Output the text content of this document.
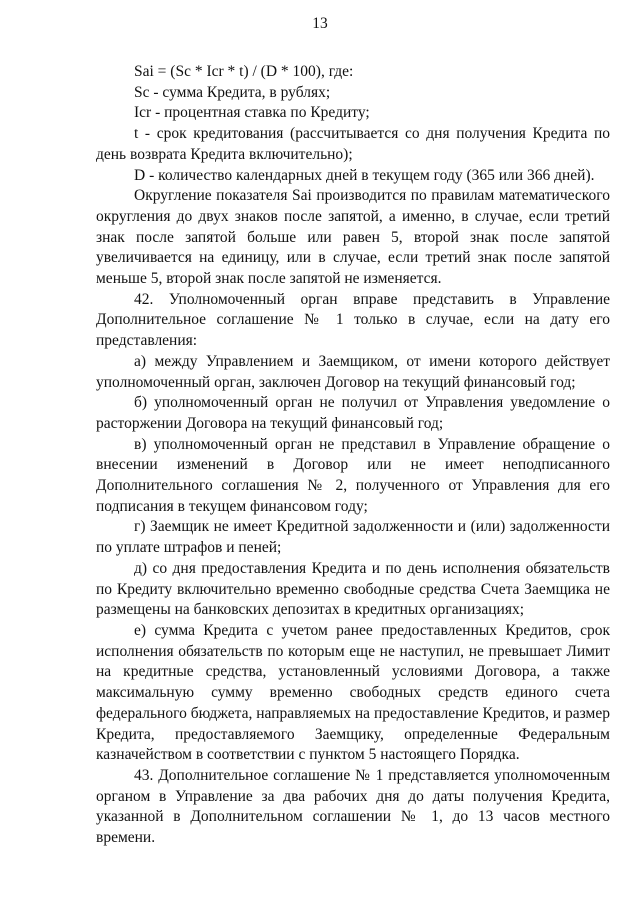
13

Sai = (Sc * Icr * t) / (D * 100), где:

Sc - сумма Кредита, в рублях;

Icr - процентная ставка по Кредиту;

t - срок кредитования (рассчитывается со дня получения Кредита по день возврата Кредита включительно);

D - количество календарных дней в текущем году (365 или 366 дней).

Округление показателя Sai производится по правилам математического округления до двух знаков после запятой, а именно, в случае, если третий знак после запятой больше или равен 5, второй знак после запятой увеличивается на единицу, или в случае, если третий знак после запятой меньше 5, второй знак после запятой не изменяется.

42. Уполномоченный орган вправе представить в Управление Дополнительное соглашение № 1 только в случае, если на дату его представления:

а) между Управлением и Заемщиком, от имени которого действует уполномоченный орган, заключен Договор на текущий финансовый год;

б) уполномоченный орган не получил от Управления уведомление о расторжении Договора на текущий финансовый год;

в) уполномоченный орган не представил в Управление обращение о внесении изменений в Договор или не имеет неподписанного Дополнительного соглашения № 2, полученного от Управления для его подписания в текущем финансовом году;

г) Заемщик не имеет Кредитной задолженности и (или) задолженности по уплате штрафов и пеней;

д) со дня предоставления Кредита и по день исполнения обязательств по Кредиту включительно временно свободные средства Счета Заемщика не размещены на банковских депозитах в кредитных организациях;

е) сумма Кредита с учетом ранее предоставленных Кредитов, срок исполнения обязательств по которым еще не наступил, не превышает Лимит на кредитные средства, установленный условиями Договора, а также максимальную сумму временно свободных средств единого счета федерального бюджета, направляемых на предоставление Кредитов, и размер Кредита, предоставляемого Заемщику, определенные Федеральным казначейством в соответствии с пунктом 5 настоящего Порядка.

43. Дополнительное соглашение № 1 представляется уполномоченным органом в Управление за два рабочих дня до даты получения Кредита, указанной в Дополнительном соглашении № 1, до 13 часов местного времени.
